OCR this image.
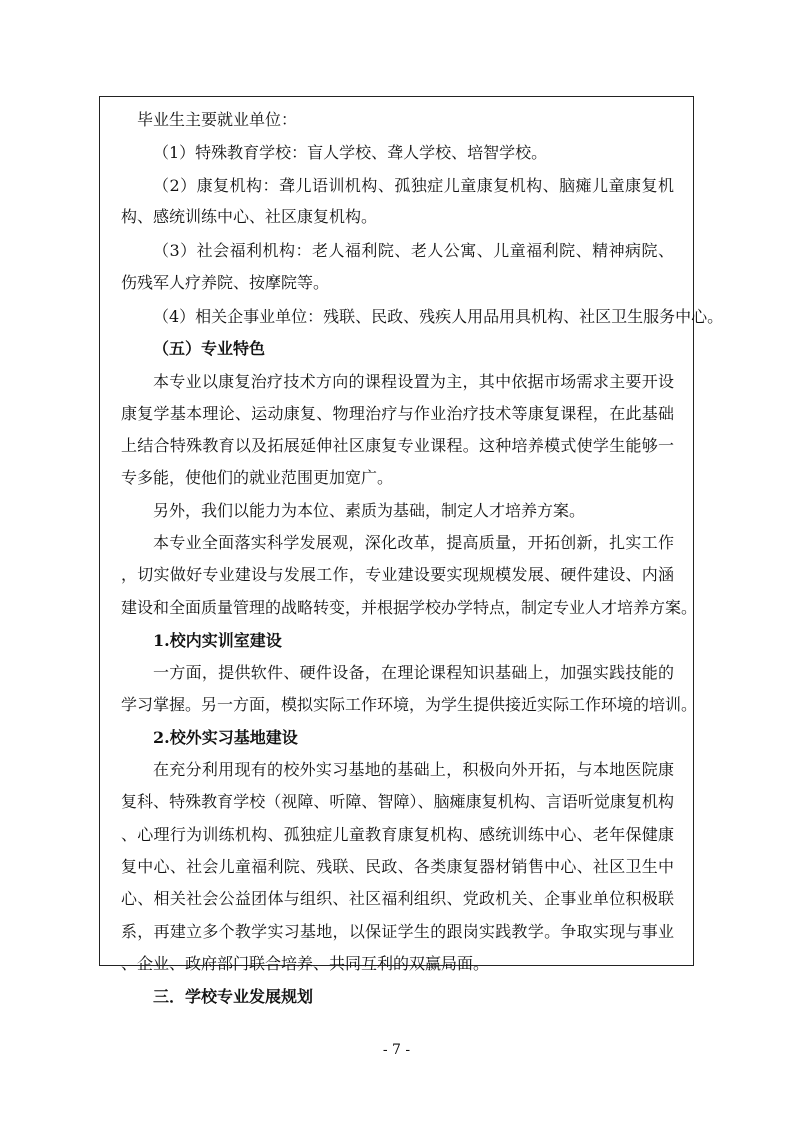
毕业生主要就业单位：
（1）特殊教育学校：盲人学校、聋人学校、培智学校。
（2）康复机构：聋儿语训机构、孤独症儿童康复机构、脑瘫儿童康复机
构、感统训练中心、社区康复机构。
（3）社会福利机构：老人福利院、老人公寓、儿童福利院、精神病院、
伤残军人疗养院、按摩院等。
（4）相关企事业单位：残联、民政、残疾人用品用具机构、社区卫生服务中心。
（五）专业特色
本专业以康复治疗技术方向的课程设置为主，其中依据市场需求主要开设
康复学基本理论、运动康复、物理治疗与作业治疗技术等康复课程，在此基础
上结合特殊教育以及拓展延伸社区康复专业课程。这种培养模式使学生能够一
专多能，使他们的就业范围更加宽广。
另外，我们以能力为本位、素质为基础，制定人才培养方案。
本专业全面落实科学发展观，深化改革，提高质量，开拓创新，扎实工作
，切实做好专业建设与发展工作，专业建设要实现规模发展、硬件建设、内涵
建设和全面质量管理的战略转变，并根据学校办学特点，制定专业人才培养方案。
1.校内实训室建设
一方面，提供软件、硬件设备，在理论课程知识基础上，加强实践技能的
学习掌握。另一方面，模拟实际工作环境，为学生提供接近实际工作环境的培训。
2.校外实习基地建设
在充分利用现有的校外实习基地的基础上，积极向外开拓，与本地医院康
复科、特殊教育学校（视障、听障、智障）、脑瘫康复机构、言语听觉康复机构
、心理行为训练机构、孤独症儿童教育康复机构、感统训练中心、老年保健康
复中心、社会儿童福利院、残联、民政、各类康复器材销售中心、社区卫生中
心、相关社会公益团体与组织、社区福利组织、党政机关、企事业单位积极联
系，再建立多个教学实习基地，以保证学生的跟岗实践教学。争取实现与事业
、企业、政府部门联合培养、共同互利的双赢局面。
三．学校专业发展规划
- 7 -
